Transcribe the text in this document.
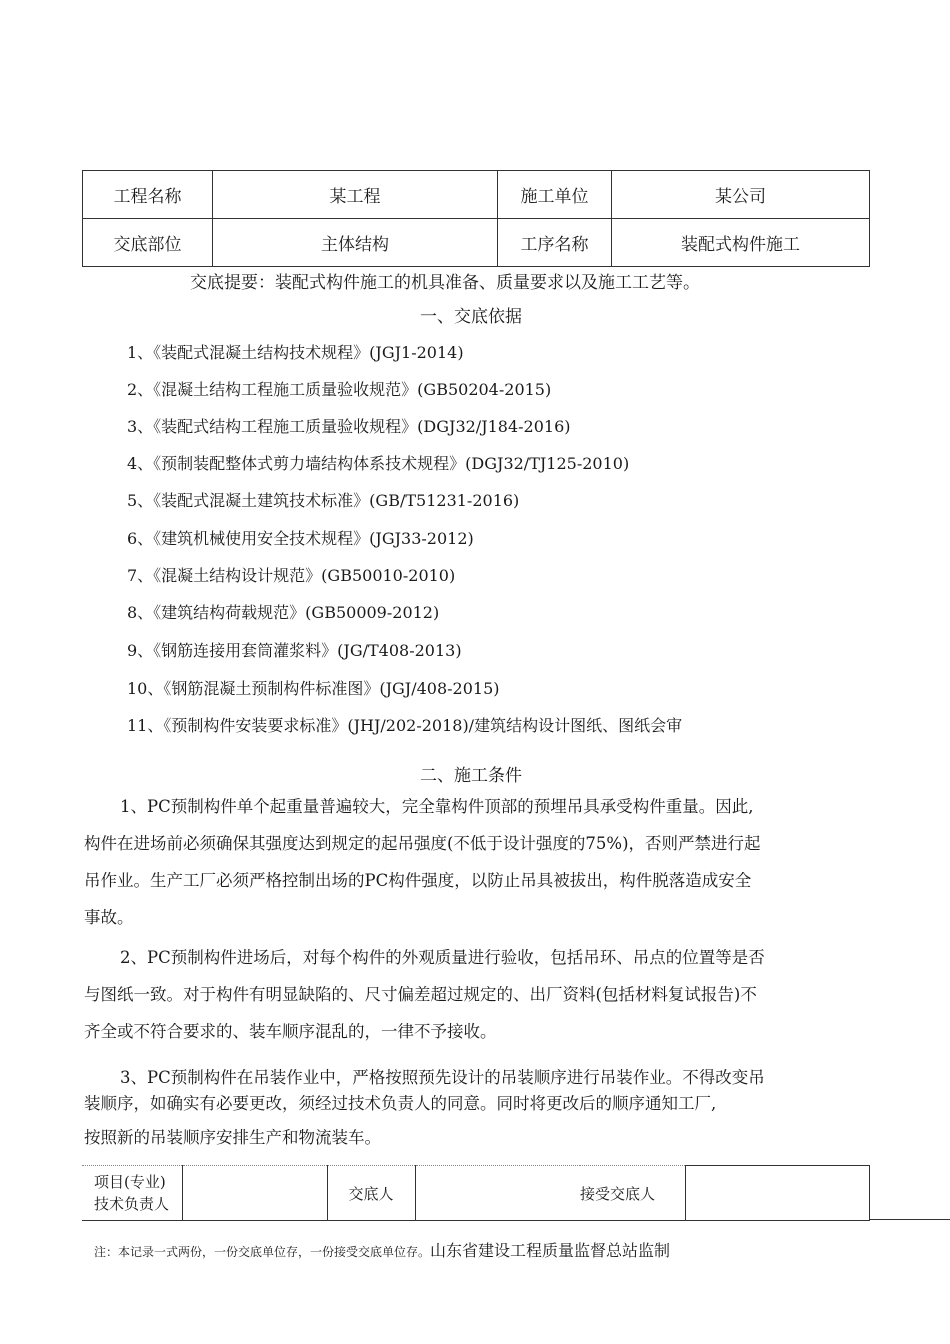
工程名称	某工程	施工单位	某公司
交底部位	主体结构	工序名称	装配式构件施工
交底提要：装配式构件施工的机具准备、质量要求以及施工工艺等。
一、交底依据
1、《装配式混凝土结构技术规程》(JGJ1-2014)
2、《混凝土结构工程施工质量验收规范》(GB50204-2015)
3、《装配式结构工程施工质量验收规程》(DGJ32/J184-2016)
4、《预制装配整体式剪力墙结构体系技术规程》(DGJ32/TJ125-2010)
5、《装配式混凝土建筑技术标准》(GB/T51231-2016)
6、《建筑机械使用安全技术规程》(JGJ33-2012)
7、《混凝土结构设计规范》(GB50010-2010)
8、《建筑结构荷载规范》(GB50009-2012)
9、《钢筋连接用套筒灌浆料》(JG/T408-2013)
10、《钢筋混凝土预制构件标准图》(JGJ/408-2015)
11、《预制构件安装要求标准》(JHJ/202-2018)/建筑结构设计图纸、图纸会审
二、施工条件
1、PC预制构件单个起重量普遍较大，完全靠构件顶部的预埋吊具承受构件重量。因此,
构件在进场前必须确保其强度达到规定的起吊强度(不低于设计强度的75%)，否则严禁进行起
吊作业。生产工厂必须严格控制出场的PC构件强度，以防止吊具被拔出，构件脱落造成安全
事故。
2、PC预制构件进场后，对每个构件的外观质量进行验收，包括吊环、吊点的位置等是否
与图纸一致。对于构件有明显缺陷的、尺寸偏差超过规定的、出厂资料(包括材料复试报告)不
齐全或不符合要求的、装车顺序混乱的，一律不予接收。
3、PC预制构件在吊装作业中，严格按照预先设计的吊装顺序进行吊装作业。不得改变吊
装顺序，如确实有必要更改，须经过技术负责人的同意。同时将更改后的顺序通知工厂,
按照新的吊装顺序安排生产和物流装车。
项目(专业)
技术负责人
		交底人		接受交底人	
注：本记录一式两份，一份交底单位存，一份接受交底单位存。山东省建设工程质量监督总站监制
